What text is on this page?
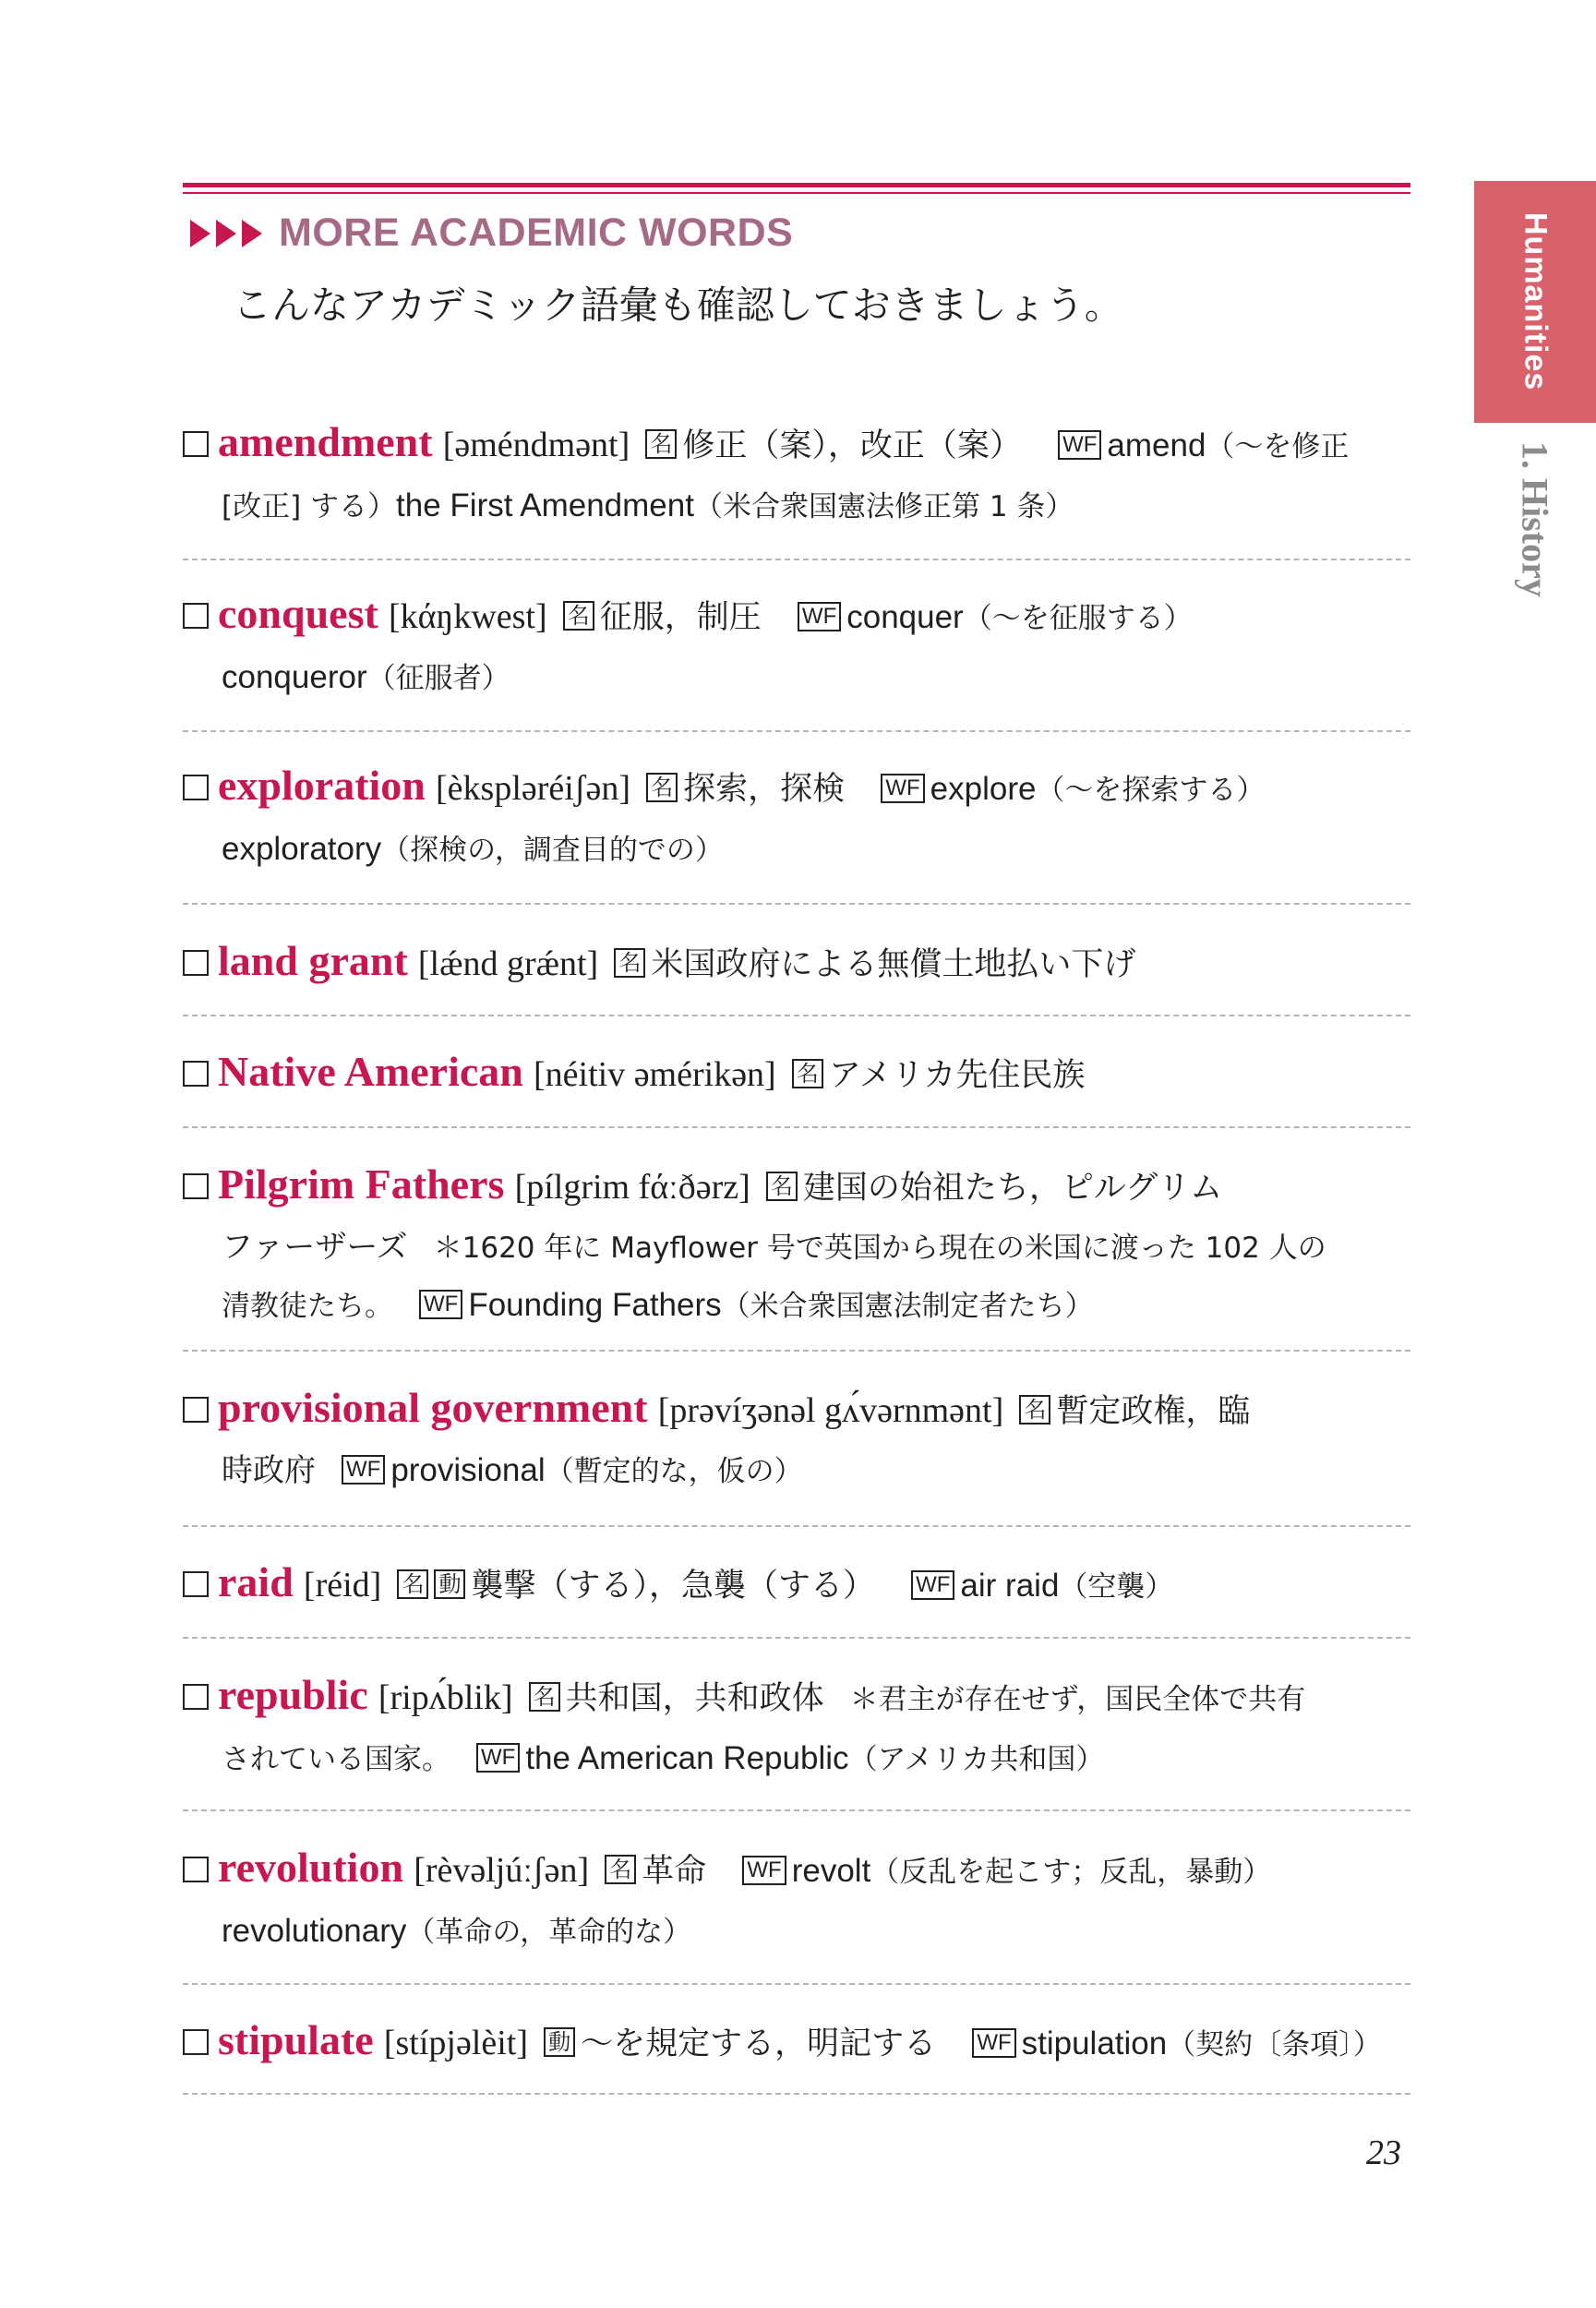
Humanities
1. History
MORE ACADEMIC WORDS
こんなアカデミック語彙も確認しておきましょう。
amendment [əméndmənt] 名 修正（案），改正（案） WF amend（～を修正
[改正] する）the First Amendment（米合衆国憲法修正第 1 条）
conquest [kάŋkwest] 名 征服，制圧 WF conquer（～を征服する）
conqueror（征服者）
exploration [èkspləréiʃən] 名 探索，探検 WF explore（～を探索する）
exploratory（探検の，調査目的での）
land grant [lǽnd grǽnt] 名 米国政府による無償土地払い下げ
Native American [néitiv əmérikən] 名 アメリカ先住民族
Pilgrim Fathers [pílgrim fάːðərz] 名 建国の始祖たち，ピルグリム
ファーザーズ ＊1620 年に Mayflower 号で英国から現在の米国に渡った 102 人の
清教徒たち。 WF Founding Fathers（米合衆国憲法制定者たち）
provisional government [prəvíʒənəl gʌ́vərnmənt] 名 暫定政権，臨
時政府 WF provisional（暫定的な，仮の）
raid [réid] 名 動 襲撃（する），急襲（する） WF air raid（空襲）
republic [ripʌ́blik] 名 共和国，共和政体 ＊君主が存在せず，国民全体で共有
されている国家。 WF the American Republic（アメリカ共和国）
revolution [rèvəljúːʃən] 名 革命 WF revolt（反乱を起こす；反乱，暴動）
revolutionary（革命の，革命的な）
stipulate [stípjəlèit] 動 ～を規定する，明記する WF stipulation（契約〔条項〕）
23
